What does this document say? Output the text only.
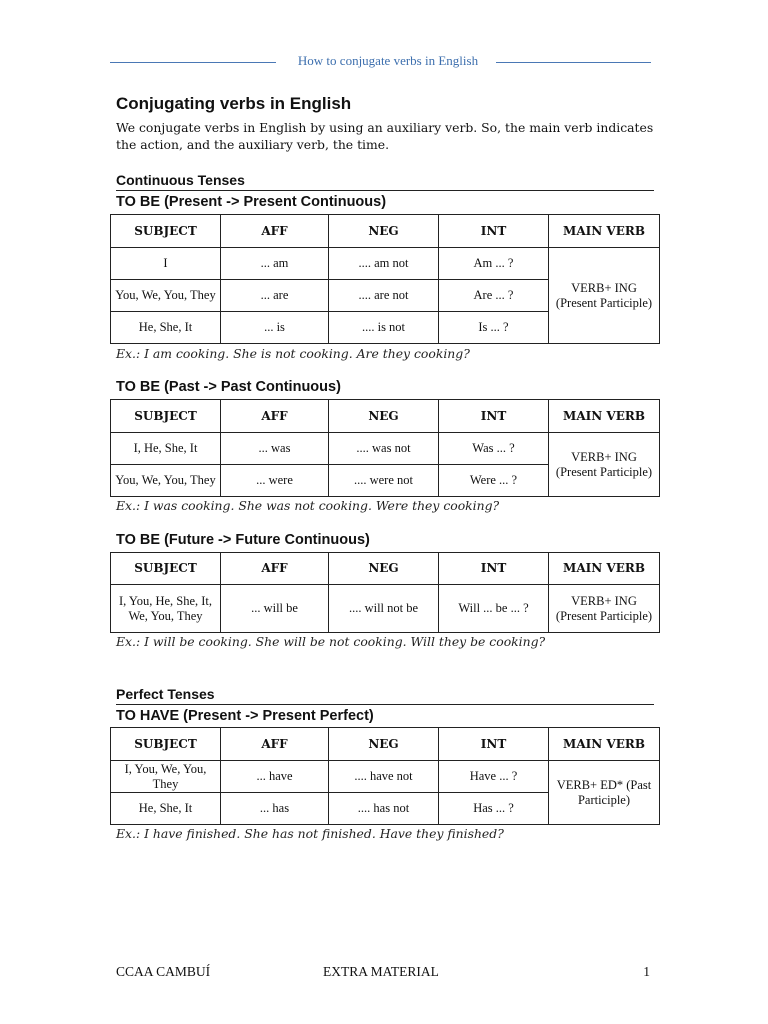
How to conjugate verbs in English
Conjugating verbs in English
We conjugate verbs in English by using an auxiliary verb. So, the main verb indicates the action, and the auxiliary verb, the time.
Continuous Tenses
TO BE (Present -> Present Continuous)
SUBJECT	AFF	NEG	INT	MAIN VERB
I	... am	.... am not	Am ... ?	VERB+ ING (Present Participle)
You, We, You, They	... are	.... are not	Are ... ?	
He, She, It	... is	.... is not	Is ... ?	
Ex.: I am cooking. She is not cooking. Are they cooking?
TO BE (Past -> Past Continuous)
SUBJECT	AFF	NEG	INT	MAIN VERB
I, He, She, It	... was	.... was not	Was ... ?	VERB+ ING (Present Participle)
You, We, You, They	... were	.... were not	Were ... ?	
Ex.: I was cooking. She was not cooking. Were they cooking?
TO BE (Future -> Future Continuous)
SUBJECT	AFF	NEG	INT	MAIN VERB
I, You, He, She, It, We, You, They	... will be	.... will not be	Will ... be ... ?	VERB+ ING (Present Participle)
Ex.: I will be cooking. She will be not cooking. Will they be cooking?
Perfect Tenses
TO HAVE (Present -> Present Perfect)
SUBJECT	AFF	NEG	INT	MAIN VERB
I, You, We, You, They	... have	.... have not	Have ... ?	VERB+ ED* (Past Participle)
He, She, It	... has	.... has not	Has ... ?	
Ex.: I have finished. She has not finished. Have they finished?
CCAA CAMBUÍ	EXTRA MATERIAL	1
